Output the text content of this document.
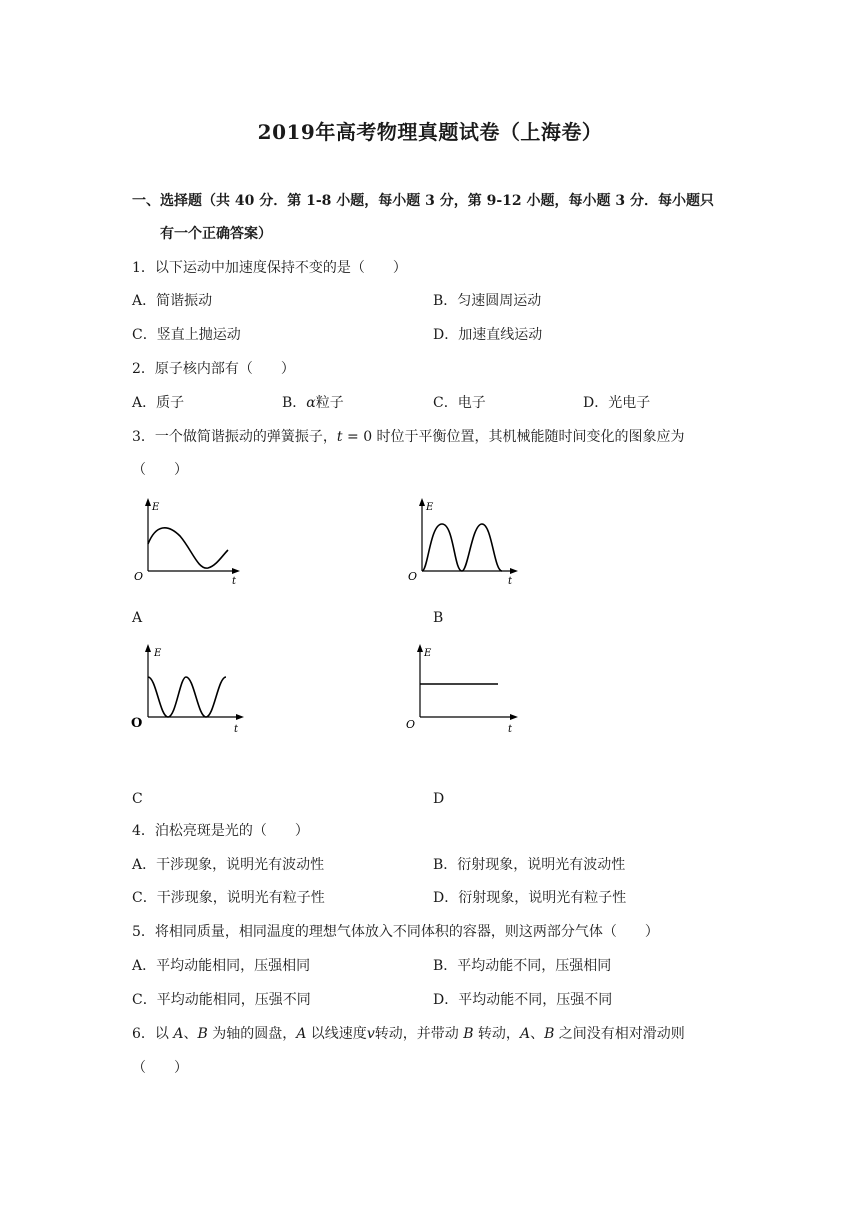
2019年高考物理真题试卷（上海卷）
一、选择题（共 40 分．第 1-8 小题，每小题 3 分，第 9-12 小题，每小题 3 分．每小题只
有一个正确答案）
1．以下运动中加速度保持不变的是（　　）
A．简谐振动	B．匀速圆周运动
C．竖直上抛运动	D．加速直线运动
2．原子核内部有（　　）
A．质子	B．α粒子	C．电子	D．光电子
3．一个做简谐振动的弹簧振子，t = 0 时位于平衡位置，其机械能随时间变化的图象应为
（　　）
E
O	t
A
E
O	t
B
E
O	t
C
E
O	t
D
4．泊松亮斑是光的（　　）
A．干涉现象，说明光有波动性	B．衍射现象，说明光有波动性
C．干涉现象，说明光有粒子性	D．衍射现象，说明光有粒子性
5．将相同质量，相同温度的理想气体放入不同体积的容器，则这两部分气体（　　）
A．平均动能相同，压强相同	B．平均动能不同，压强相同
C．平均动能相同，压强不同	D．平均动能不同，压强不同
6．以 A、B 为轴的圆盘，A 以线速度v转动，并带动 B 转动，A、B 之间没有相对滑动则
（　　）
